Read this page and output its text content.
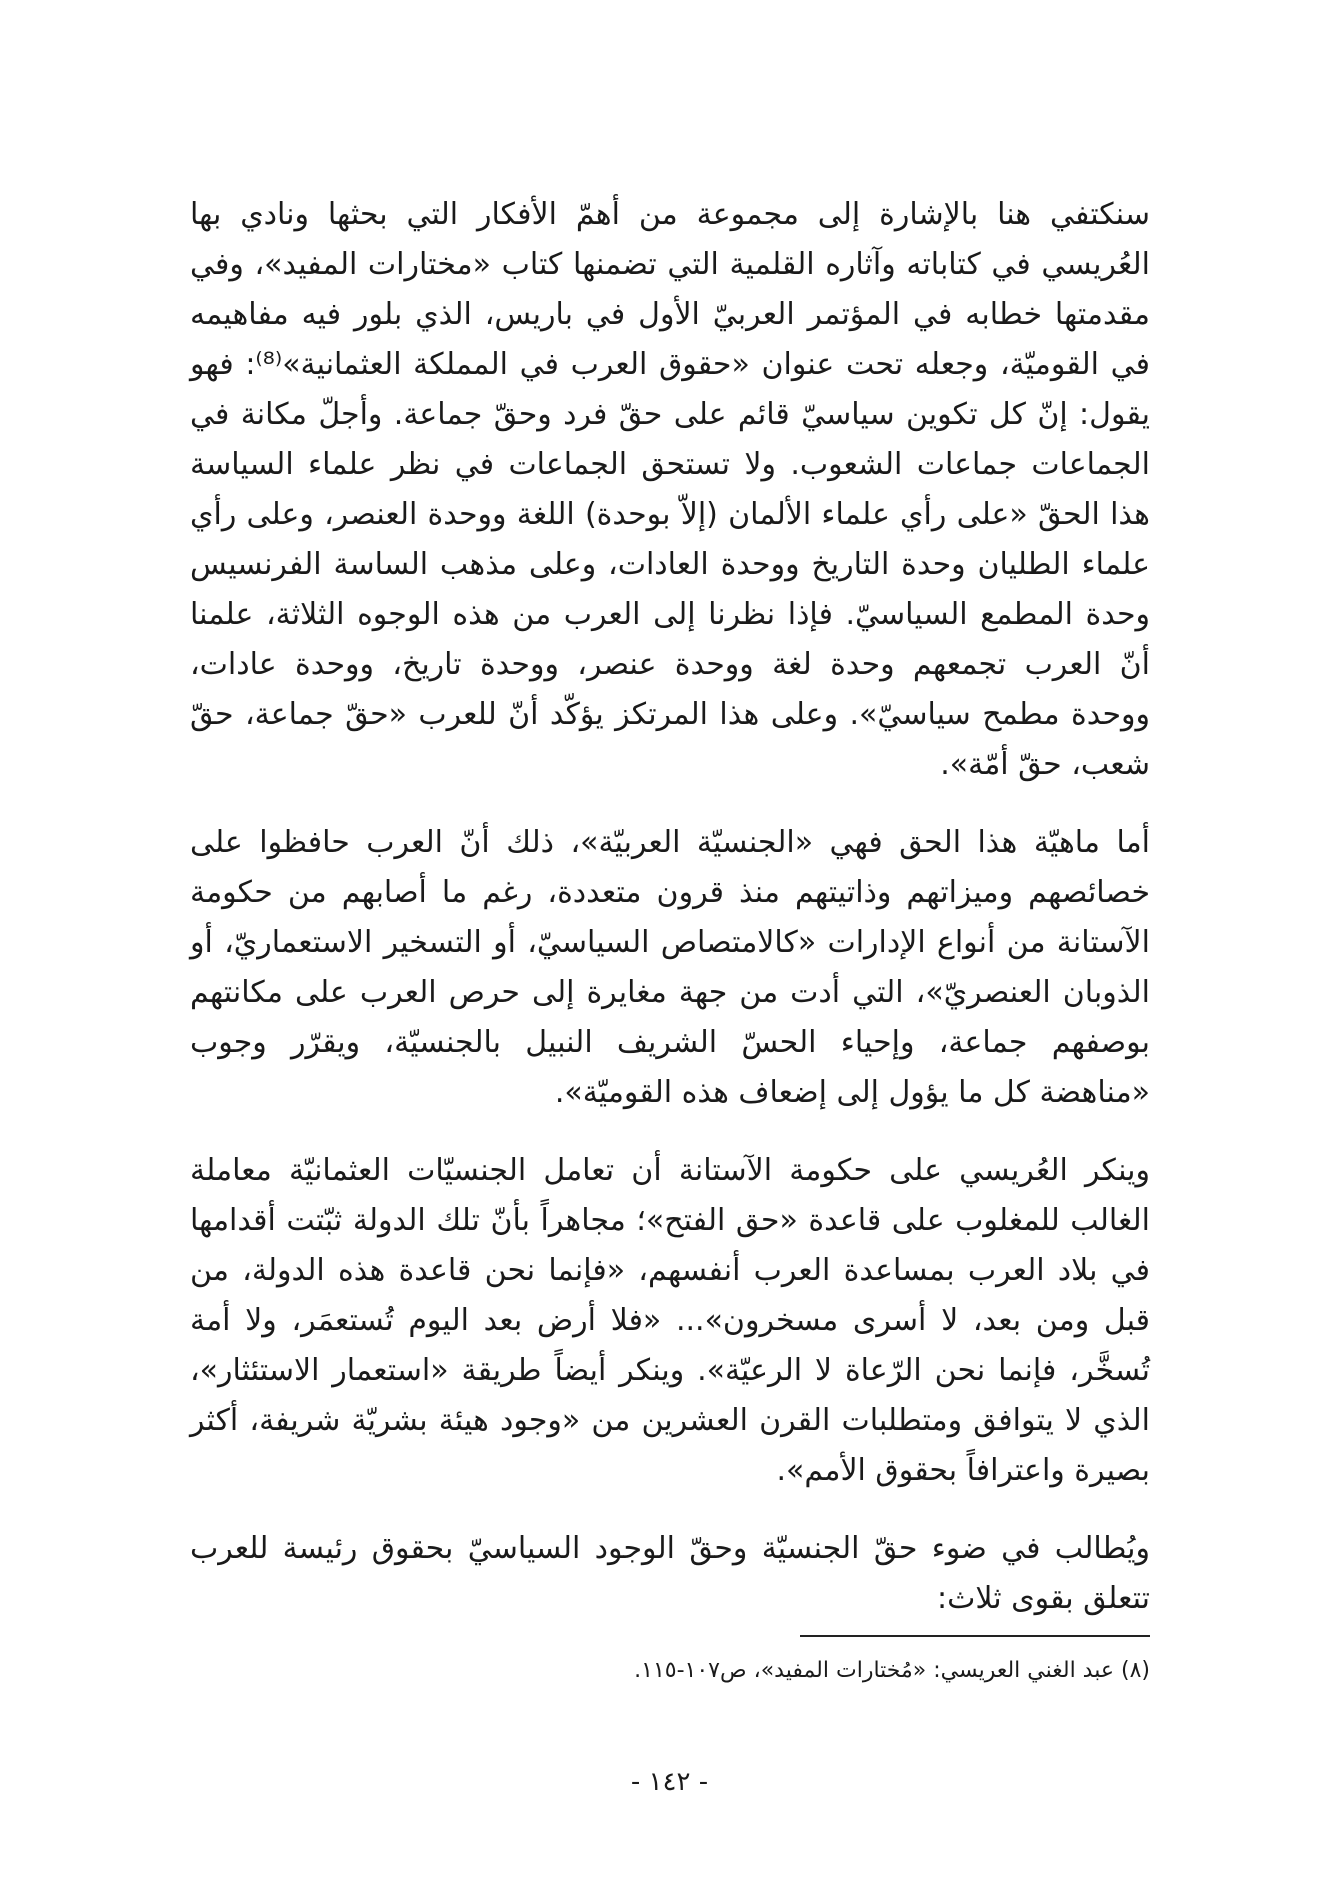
سنكتفي هنا بالإشارة إلى مجموعة من أهمّ الأفكار التي بحثها ونادي بها العُريسي في كتاباته وآثاره القلمية التي تضمنها كتاب «مختارات المفيد»، وفي مقدمتها خطابه في المؤتمر العربيّ الأول في باريس، الذي بلور فيه مفاهيمه في القوميّة، وجعله تحت عنوان «حقوق العرب في المملكة العثمانية»⁽⁸⁾: فهو يقول: إنّ كل تكوين سياسيّ قائم على حقّ فرد وحقّ جماعة. وأجلّ مكانة في الجماعات جماعات الشعوب. ولا تستحق الجماعات في نظر علماء السياسة هذا الحقّ «على رأي علماء الألمان (إلاّ بوحدة) اللغة ووحدة العنصر، وعلى رأي علماء الطليان وحدة التاريخ ووحدة العادات، وعلى مذهب الساسة الفرنسيس وحدة المطمع السياسيّ. فإذا نظرنا إلى العرب من هذه الوجوه الثلاثة، علمنا أنّ العرب تجمعهم وحدة لغة ووحدة عنصر، ووحدة تاريخ، ووحدة عادات، ووحدة مطمح سياسيّ». وعلى هذا المرتكز يؤكّد أنّ للعرب «حقّ جماعة، حقّ شعب، حقّ أمّة».

أما ماهيّة هذا الحق فهي «الجنسيّة العربيّة»، ذلك أنّ العرب حافظوا على خصائصهم وميزاتهم وذاتيتهم منذ قرون متعددة، رغم ما أصابهم من حكومة الآستانة من أنواع الإدارات «كالامتصاص السياسيّ، أو التسخير الاستعماريّ، أو الذوبان العنصريّ»، التي أدت من جهة مغايرة إلى حرص العرب على مكانتهم بوصفهم جماعة، وإحياء الحسّ الشريف النبيل بالجنسيّة، ويقرّر وجوب «مناهضة كل ما يؤول إلى إضعاف هذه القوميّة».

وينكر العُريسي على حكومة الآستانة أن تعامل الجنسيّات العثمانيّة معاملة الغالب للمغلوب على قاعدة «حق الفتح»؛ مجاهراً بأنّ تلك الدولة ثبّتت أقدامها في بلاد العرب بمساعدة العرب أنفسهم، «فإنما نحن قاعدة هذه الدولة، من قبل ومن بعد، لا أسرى مسخرون»... «فلا أرض بعد اليوم تُستعمَر، ولا أمة تُسخَّر، فإنما نحن الرّعاة لا الرعيّة». وينكر أيضاً طريقة «استعمار الاستئثار»، الذي لا يتوافق ومتطلبات القرن العشرين من «وجود هيئة بشريّة شريفة، أكثر بصيرة واعترافاً بحقوق الأمم».

ويُطالب في ضوء حقّ الجنسيّة وحقّ الوجود السياسيّ بحقوق رئيسة للعرب تتعلق بقوى ثلاث:

(٨) عبد الغني العريسي: «مُختارات المفيد»، ص١٠٧-١١٥.
- ١٤٢ -
